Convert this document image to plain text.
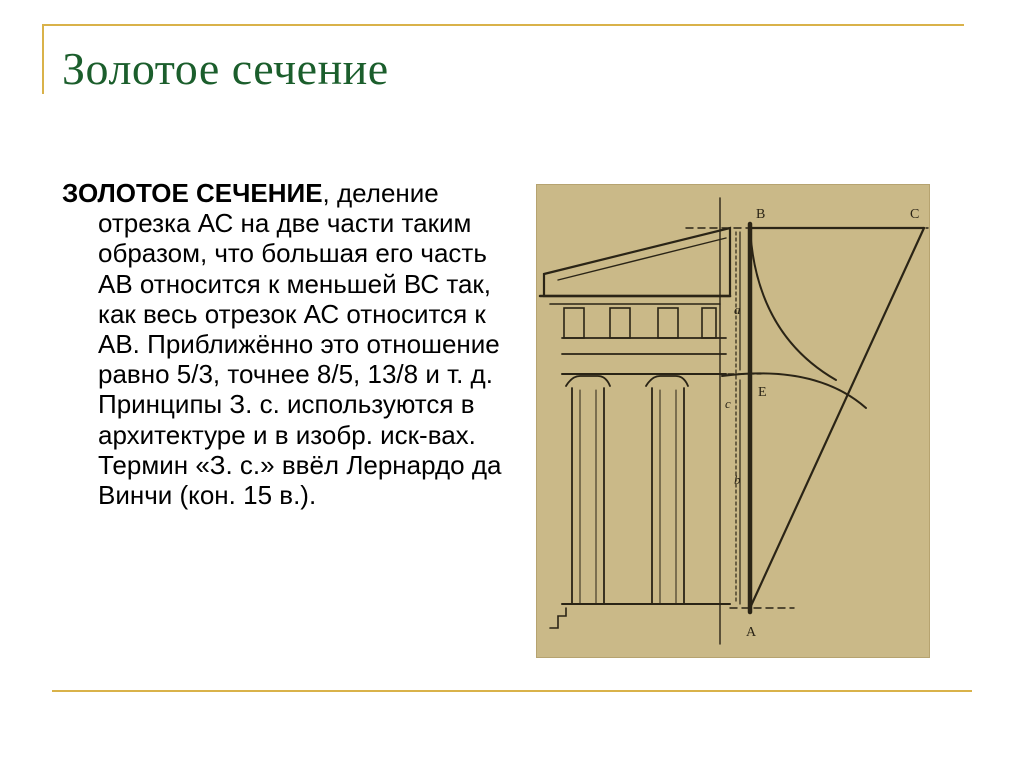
Золотое сечение

ЗОЛОТОЕ СЕЧЕНИЕ, деление отрезка АС на две части таким образом, что большая его часть АВ относится к меньшей ВС так, как весь отрезок АС относится к АВ. Приближённо это отношение равно 5/3, точнее 8/5, 13/8 и т. д. Принципы З. с. используются в архитектуре и в изобр. иск-вах. Термин «З. с.» ввёл Лернардо да Винчи (кон. 15 в.).

B	C
E
A
a
c
b
